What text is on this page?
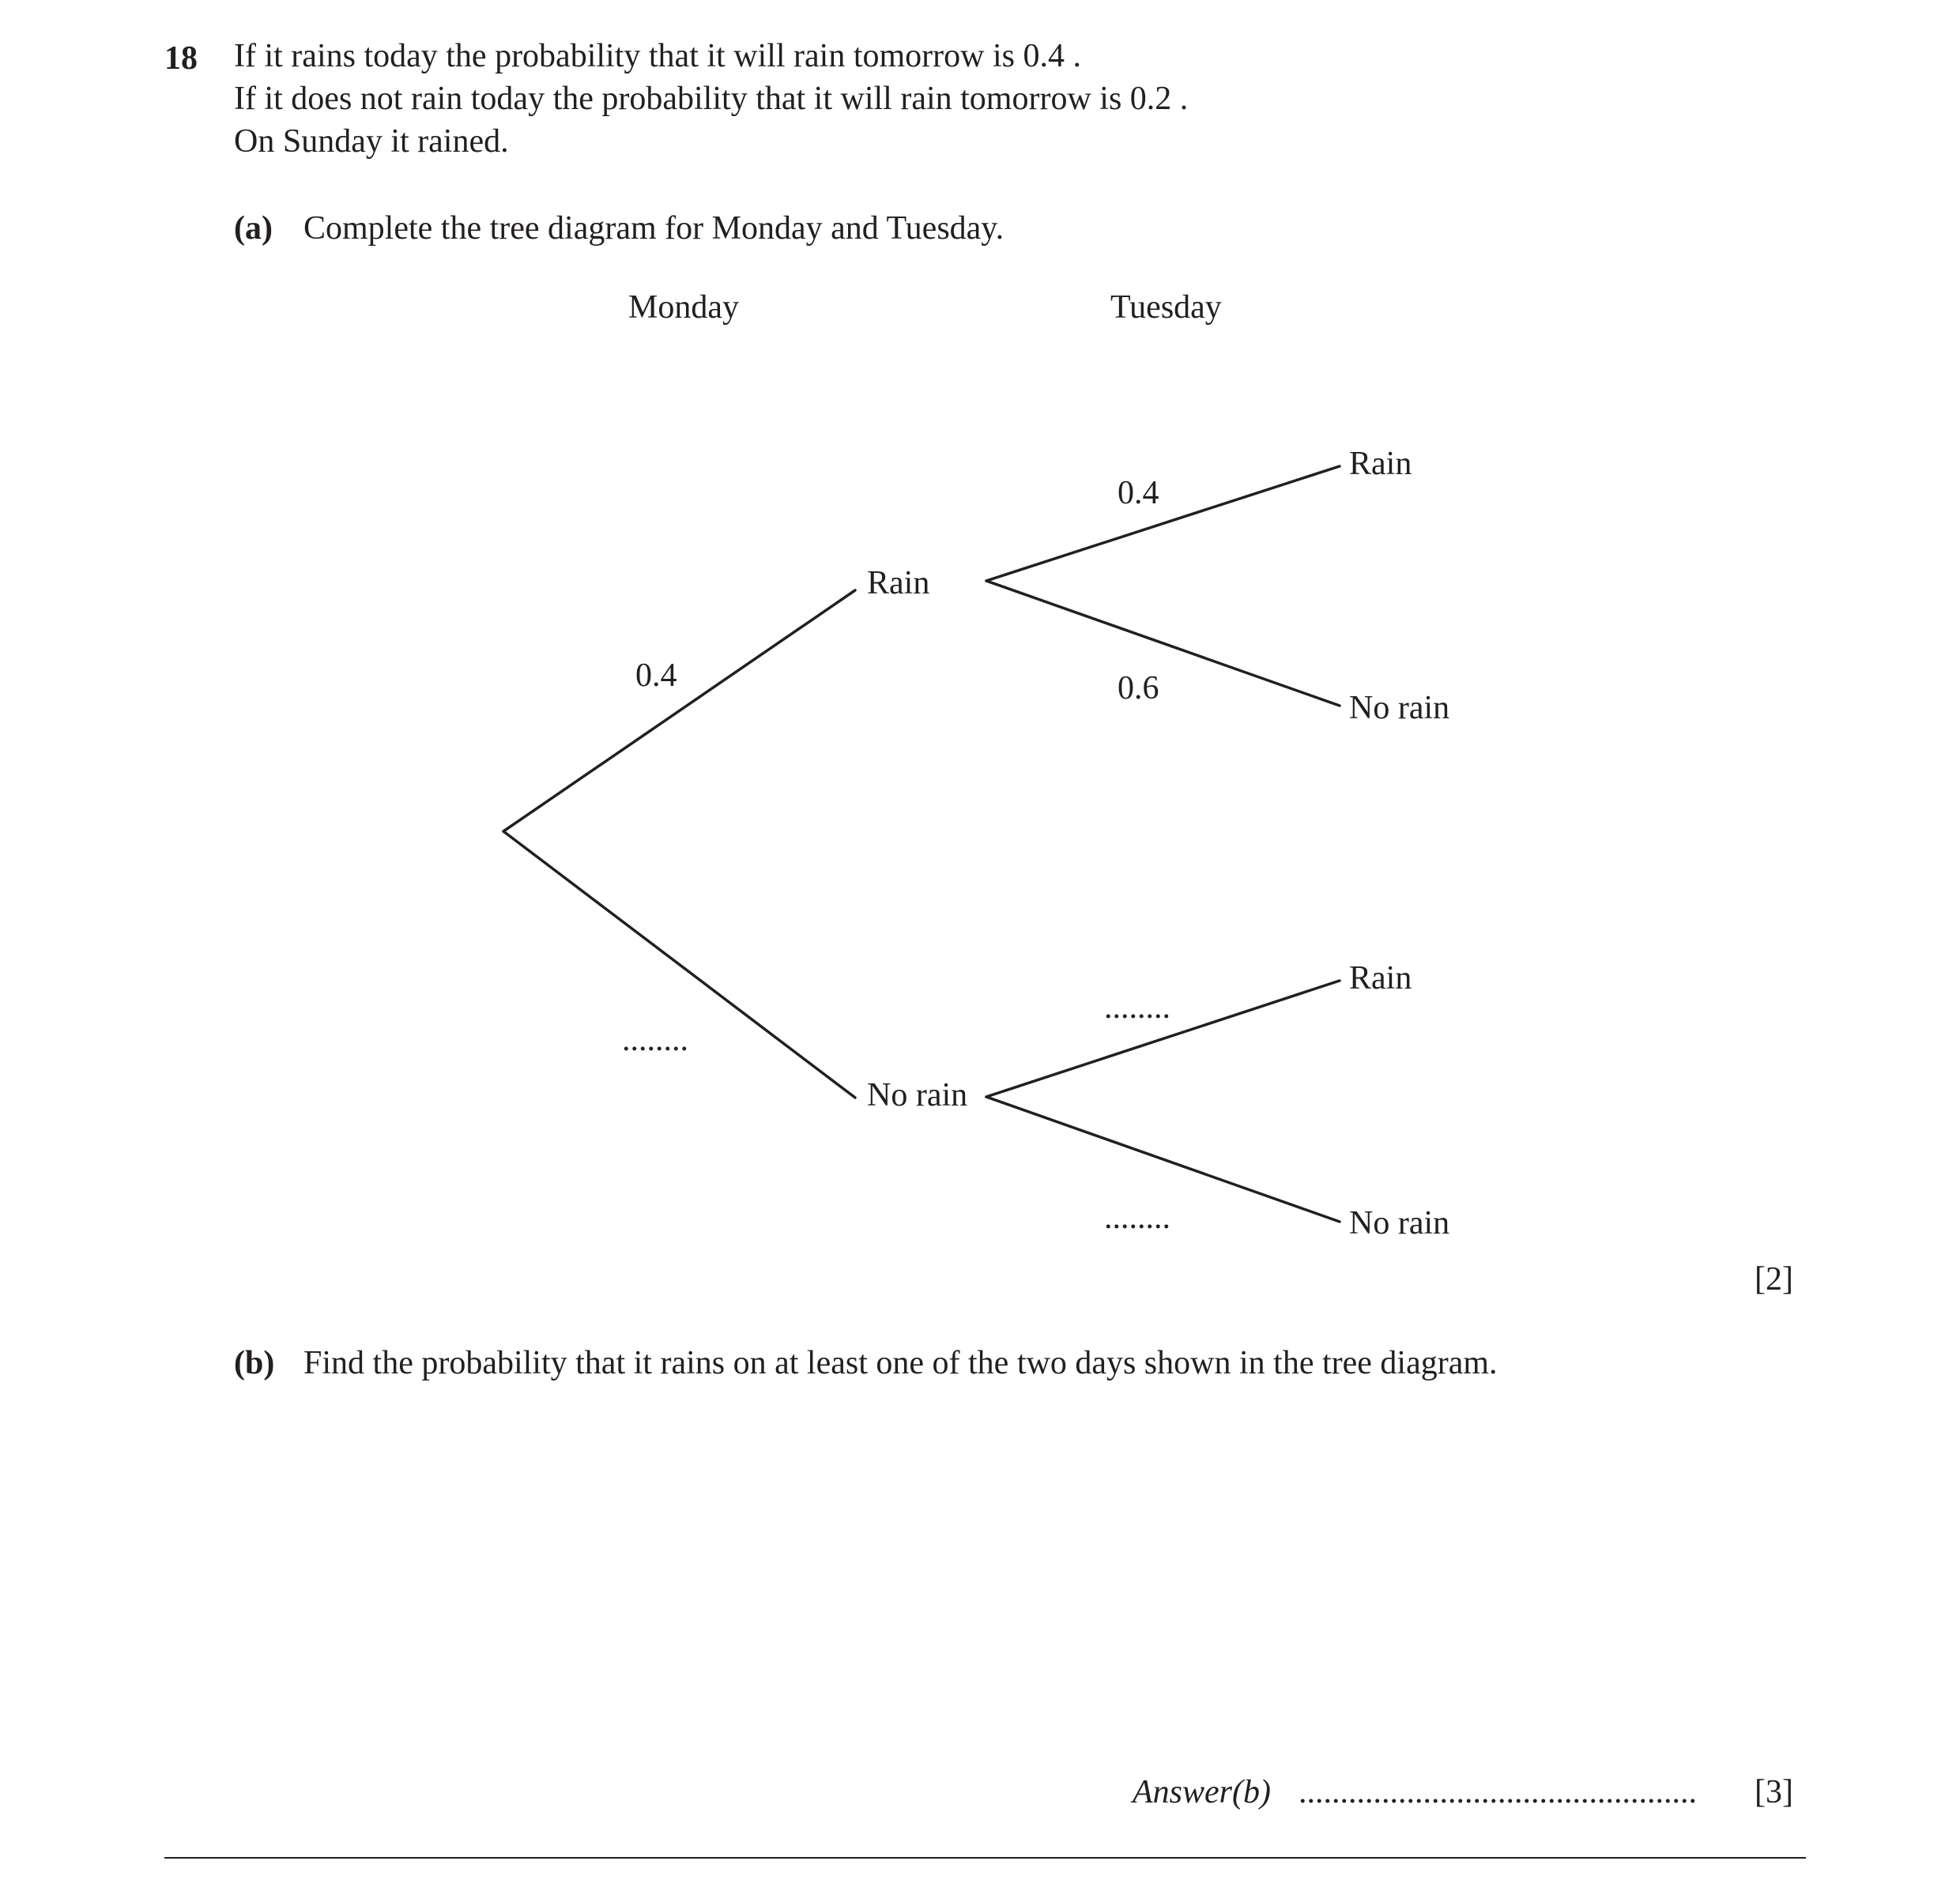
18 If it rains today the probability that it will rain tomorrow is 0.4 .
If it does not rain today the probability that it will rain tomorrow is 0.2 .
On Sunday it rained.
(a) Complete the tree diagram for Monday and Tuesday.
Monday	Tuesday
Rain
No rain
0.4
........
Rain
No rain
0.4
0.6
Rain
No rain
........
........
[2]
(b) Find the probability that it rains on at least one of the two days shown in the tree diagram.
Answer(b) ................................................ [3]
